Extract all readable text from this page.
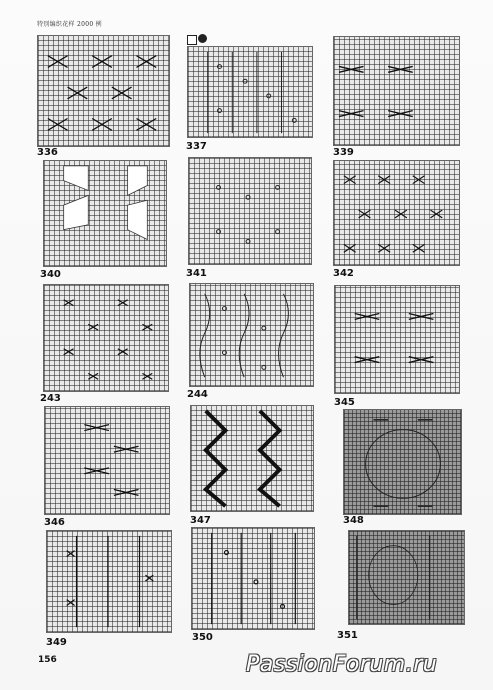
特别编织花样 2000 例
336
337
339
340	341	342
243	244
345
346	347	348
349	350	351
156	PassionForum.ru
